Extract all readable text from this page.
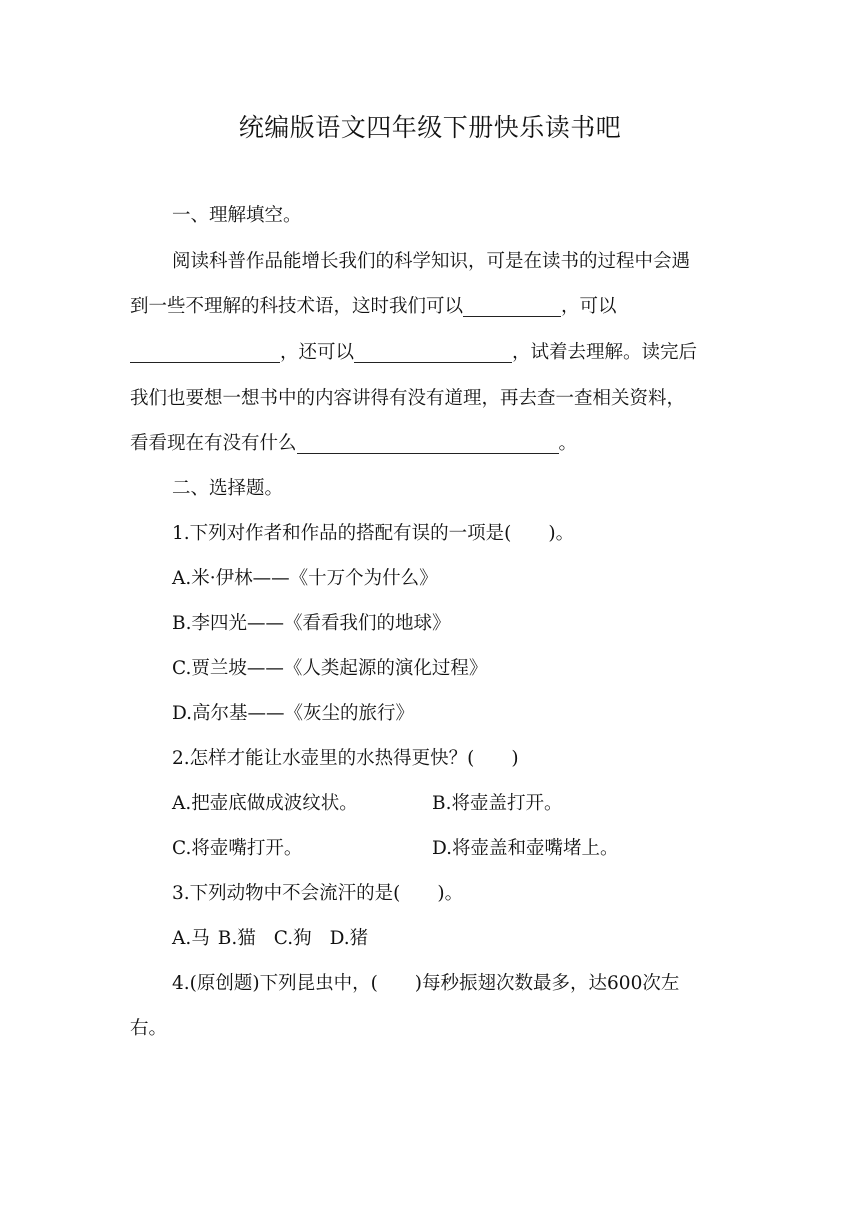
统编版语文四年级下册快乐读书吧
一、理解填空。
阅读科普作品能增长我们的科学知识，可是在读书的过程中会遇
到一些不理解的科技术语，这时我们可以	，可以
，还可以	，试着去理解。读完后
我们也要想一想书中的内容讲得有没有道理，再去查一查相关资料，
看看现在有没有什么	。
二、选择题。
1.下列对作者和作品的搭配有误的一项是(　　)。
A.米·伊林——《十万个为什么》
B.李四光——《看看我们的地球》
C.贾兰坡——《人类起源的演化过程》
D.高尔基——《灰尘的旅行》
2.怎样才能让水壶里的水热得更快？(　　)
A.把壶底做成波纹状。	B.将壶盖打开。
C.将壶嘴打开。	D.将壶盖和壶嘴堵上。
3.下列动物中不会流汗的是(　　)。
A.马 B.猫 C.狗 D.猪
4.(原创题)下列昆虫中，(　　)每秒振翅次数最多，达600次左
右。
